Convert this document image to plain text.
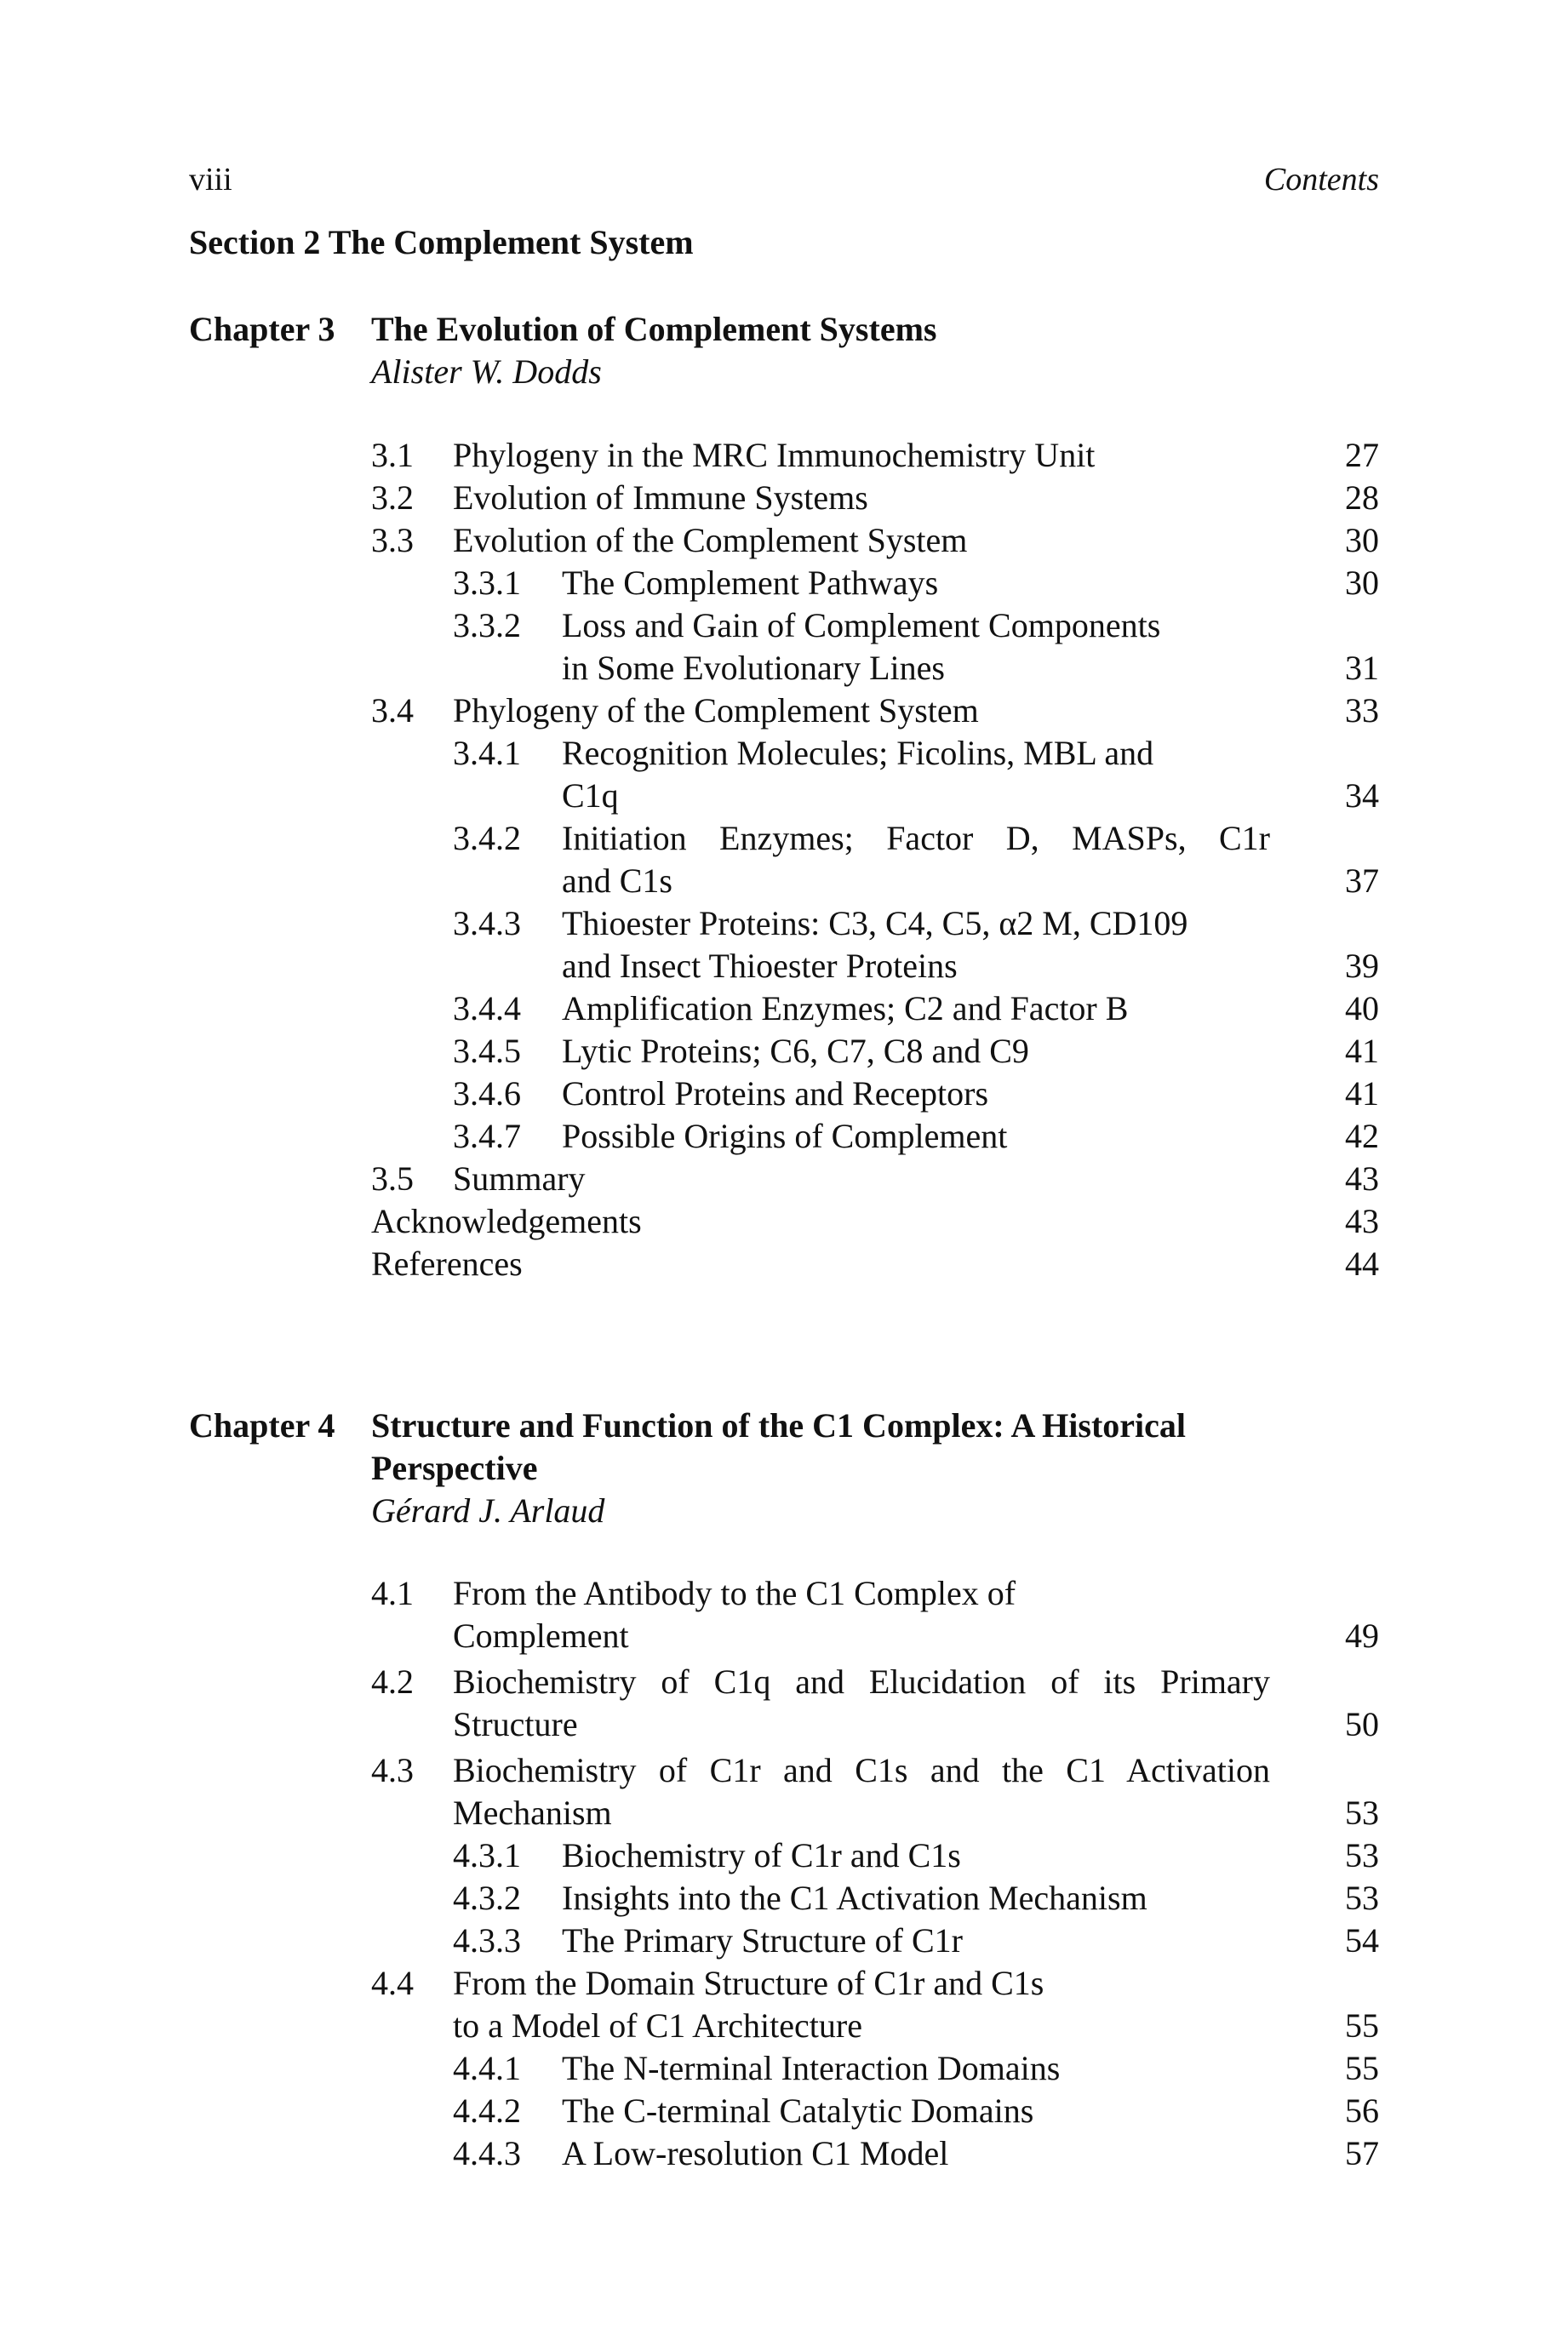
viii	Contents
Section 2 The Complement System
Chapter 3 The Evolution of Complement Systems
Alister W. Dodds
3.1 Phylogeny in the MRC Immunochemistry Unit	27
3.2 Evolution of Immune Systems	28
3.3 Evolution of the Complement System	30
3.3.1 The Complement Pathways	30
3.3.2 Loss and Gain of Complement Components
in Some Evolutionary Lines	31
3.4 Phylogeny of the Complement System	33
3.4.1 Recognition Molecules; Ficolins, MBL and
C1q	34
3.4.2 Initiation Enzymes; Factor D, MASPs, C1r
and C1s	37
3.4.3 Thioester Proteins: C3, C4, C5, α2 M, CD109
and Insect Thioester Proteins	39
3.4.4 Amplification Enzymes; C2 and Factor B	40
3.4.5 Lytic Proteins; C6, C7, C8 and C9	41
3.4.6 Control Proteins and Receptors	41
3.4.7 Possible Origins of Complement	42
3.5 Summary	43
Acknowledgements	43
References	44
Chapter 4 Structure and Function of the C1 Complex: A Historical
Perspective
Gérard J. Arlaud
4.1 From the Antibody to the C1 Complex of
Complement	49
4.2 Biochemistry of C1q and Elucidation of its Primary
Structure	50
4.3 Biochemistry of C1r and C1s and the C1 Activation
Mechanism	53
4.3.1 Biochemistry of C1r and C1s	53
4.3.2 Insights into the C1 Activation Mechanism	53
4.3.3 The Primary Structure of C1r	54
4.4 From the Domain Structure of C1r and C1s
to a Model of C1 Architecture	55
4.4.1 The N-terminal Interaction Domains	55
4.4.2 The C-terminal Catalytic Domains	56
4.4.3 A Low-resolution C1 Model	57
